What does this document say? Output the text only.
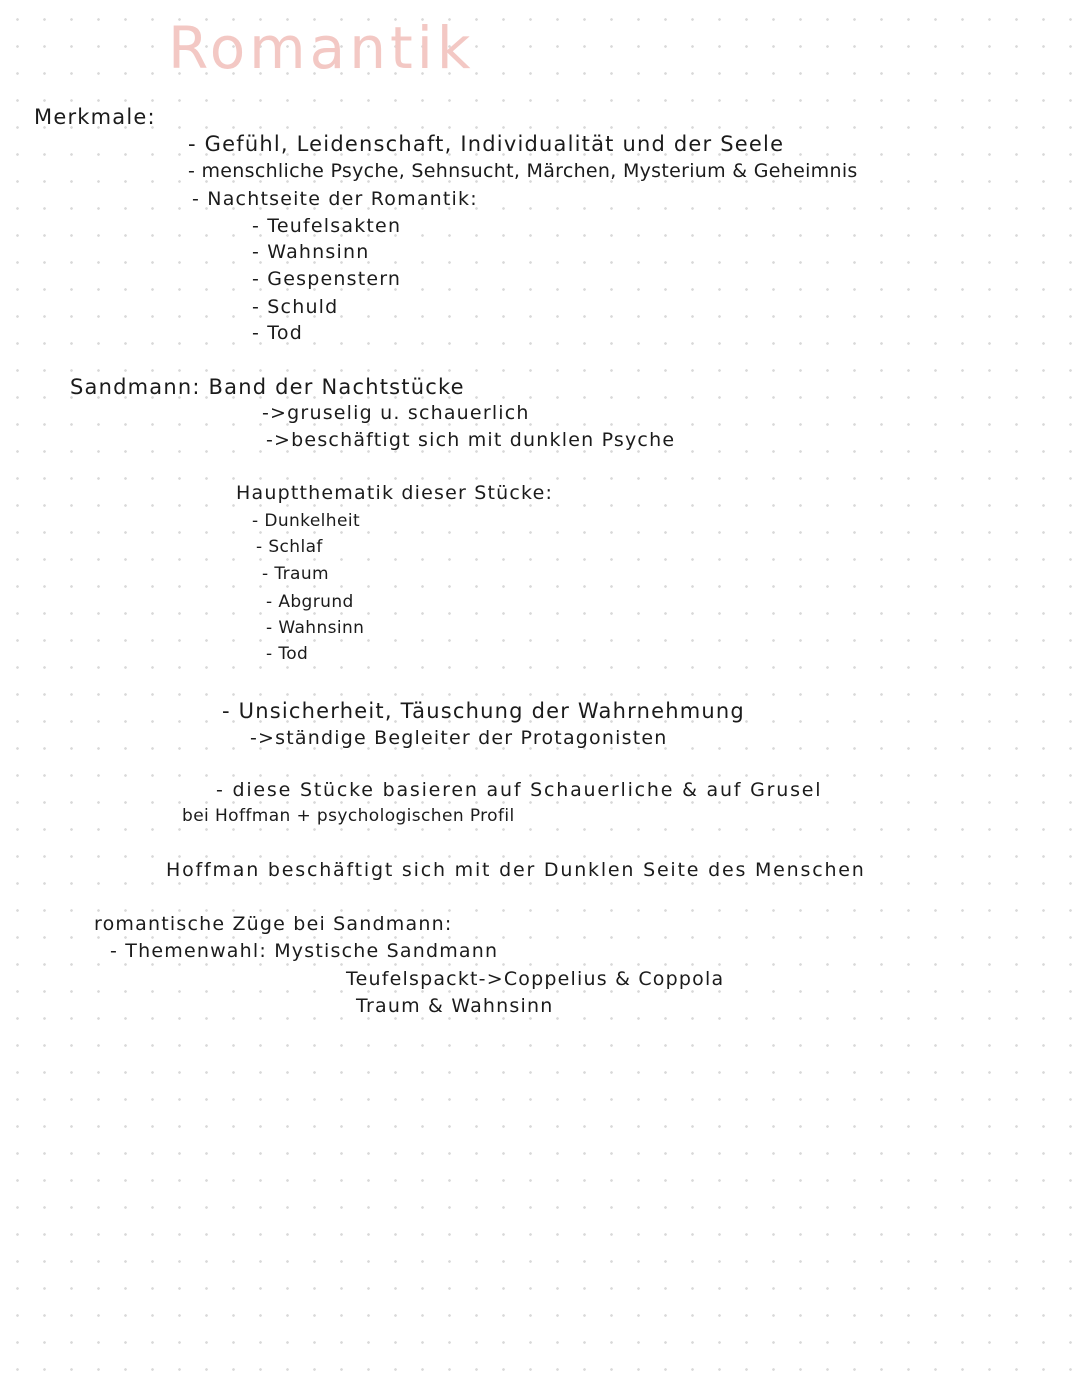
Romantik
Merkmale:
- Gefühl, Leidenschaft, Individualität und der Seele
- menschliche Psyche, Sehnsucht, Märchen, Mysterium & Geheimnis
- Nachtseite der Romantik:
- Teufelsakten
- Wahnsinn
- Gespenstern
- Schuld
- Tod
Sandmann: Band der Nachtstücke
->gruselig u. schauerlich
->beschäftigt sich mit dunklen Psyche
Hauptthematik dieser Stücke:
- Dunkelheit
- Schlaf
- Traum
- Abgrund
- Wahnsinn
- Tod
- Unsicherheit, Täuschung der Wahrnehmung
->ständige Begleiter der Protagonisten
- diese Stücke basieren auf Schauerliche & auf Grusel
bei Hoffman + psychologischen Profil
Hoffman beschäftigt sich mit der Dunklen Seite des Menschen
romantische Züge bei Sandmann:
- Themenwahl: Mystische Sandmann
Teufelspackt->Coppelius & Coppola
Traum & Wahnsinn
